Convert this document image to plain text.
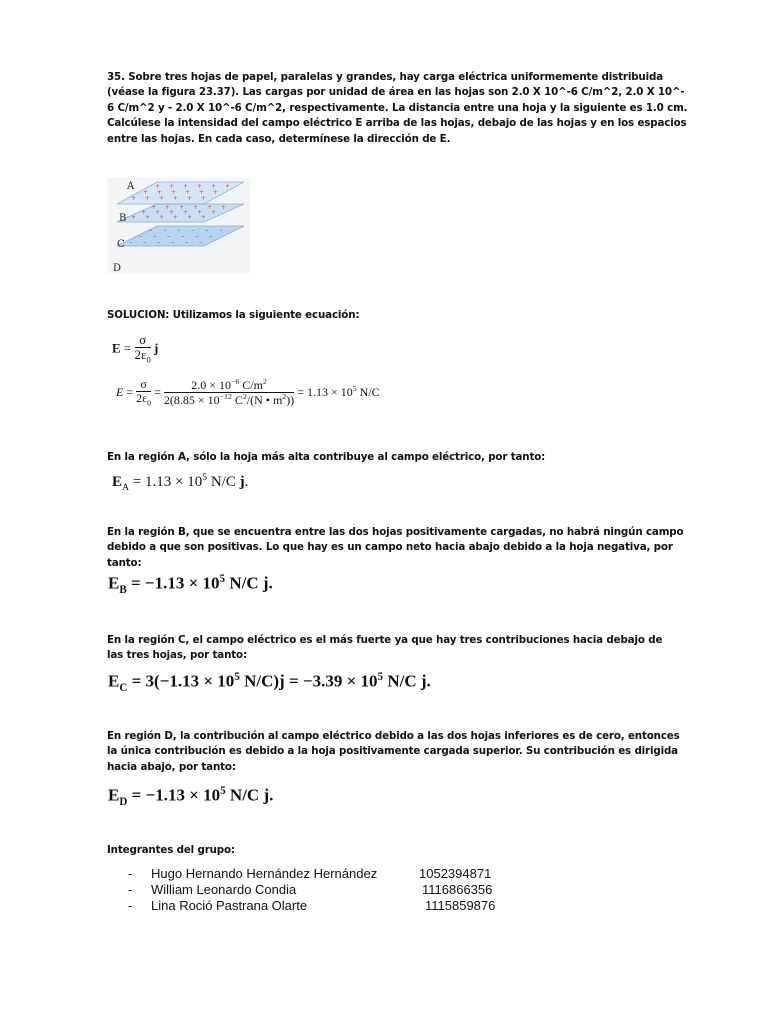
35. Sobre tres hojas de papel, paralelas y grandes, hay carga eléctrica uniformemente distribuida
(véase la figura 23.37). Las cargas por unidad de área en las hojas son 2.0 X 10^-6 C/m^2, 2.0 X 10^-
6 C/m^2 y - 2.0 X 10^-6 C/m^2, respectivamente. La distancia entre una hoja y la siguiente es 1.0 cm.
Calcúlese la intensidad del campo eléctrico E arriba de las hojas, debajo de las hojas y en los espacios
entre las hojas. En cada caso, determínese la dirección de E.
+ + + + + +
+ + + + + +
+ + + + + +
+ + + + + +
+ + + + + +
+ + + + + +
– – – – – –
– – – – – –
– – – – – –
A
B
C
D
SOLUCION: Utilizamos la siguiente ecuación:
$E = \frac{\sigma}{2\varepsilon_0}$ j
$E = \frac{\sigma}{2\varepsilon_0} = \frac{2.0 \times 10^{-6} C/m^2}{2(8.85 \times 10^{-12} C^2/(N • m^2))} = 1.13 \times 10^5$ N/C
En la región A, sólo la hoja más alta contribuye al campo eléctrico, por tanto:
$E_A = 1.13 \times 10^5$ N/C j.
En la región B, que se encuentra entre las dos hojas positivamente cargadas, no habrá ningún campo
debido a que son positivas. Lo que hay es un campo neto hacia abajo debido a la hoja negativa, por
tanto:
$E_B = -1.13 \times 10^5$ N/C j.
En la región C, el campo eléctrico es el más fuerte ya que hay tres contribuciones hacia debajo de
las tres hojas, por tanto:
$E_C = 3(-1.13 \times 10^5$ $N/C)j = -3.39 \times 10^5$ N/C j.
En región D, la contribución al campo eléctrico debido a las dos hojas inferiores es de cero, entonces
la única contribución es debido a la hoja positivamente cargada superior. Su contribución es dirigida
hacia abajo, por tanto:
$E_D = -1.13 \times 10^5$ N/C j.
Integrantes del grupo:
- Hugo Hernando Hernández Hernández	1052394871
- William Leonardo Condia	1116866356
- Lina Roció Pastrana Olarte	1115859876
